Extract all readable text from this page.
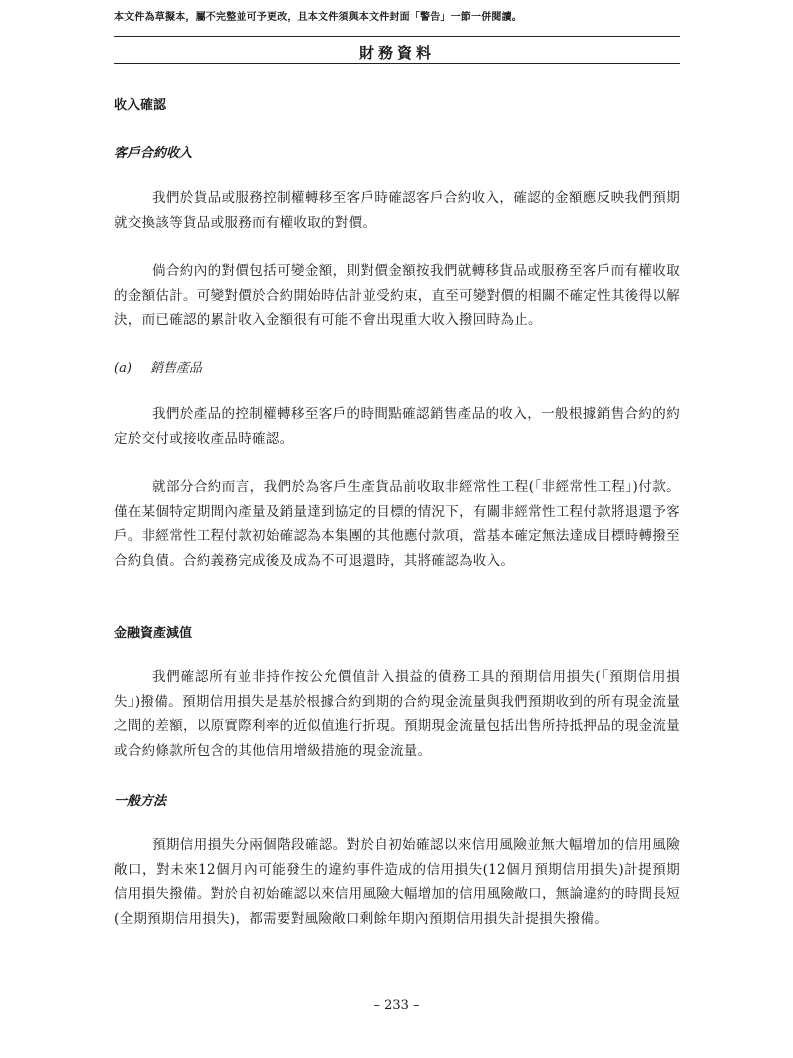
本文件為草擬本，屬不完整並可予更改，且本文件須與本文件封面「警告」一節一併閱讀。
財務資料
收入確認
客戶合約收入
我們於貨品或服務控制權轉移至客戶時確認客戶合約收入，確認的金額應反映我們預期就交換該等貨品或服務而有權收取的對價。
倘合約內的對價包括可變金額，則對價金額按我們就轉移貨品或服務至客戶而有權收取的金額估計。可變對價於合約開始時估計並受約束，直至可變對價的相關不確定性其後得以解決，而已確認的累計收入金額很有可能不會出現重大收入撥回時為止。
(a) 銷售產品
我們於產品的控制權轉移至客戶的時間點確認銷售產品的收入，一般根據銷售合約的約定於交付或接收產品時確認。
就部分合約而言，我們於為客戶生產貨品前收取非經常性工程(「非經常性工程」)付款。僅在某個特定期間內產量及銷量達到協定的目標的情況下，有關非經常性工程付款將退還予客戶。非經常性工程付款初始確認為本集團的其他應付款項，當基本確定無法達成目標時轉撥至合約負債。合約義務完成後及成為不可退還時，其將確認為收入。
金融資產減值
我們確認所有並非持作按公允價值計入損益的債務工具的預期信用損失(「預期信用損失」)撥備。預期信用損失是基於根據合約到期的合約現金流量與我們預期收到的所有現金流量之間的差額，以原實際利率的近似值進行折現。預期現金流量包括出售所持抵押品的現金流量或合約條款所包含的其他信用增級措施的現金流量。
一般方法
預期信用損失分兩個階段確認。對於自初始確認以來信用風險並無大幅增加的信用風險敞口，對未來12個月內可能發生的違約事件造成的信用損失(12個月預期信用損失)計提預期信用損失撥備。對於自初始確認以來信用風險大幅增加的信用風險敞口，無論違約的時間長短(全期預期信用損失)，都需要對風險敞口剩餘年期內預期信用損失計提損失撥備。
– 233 –
